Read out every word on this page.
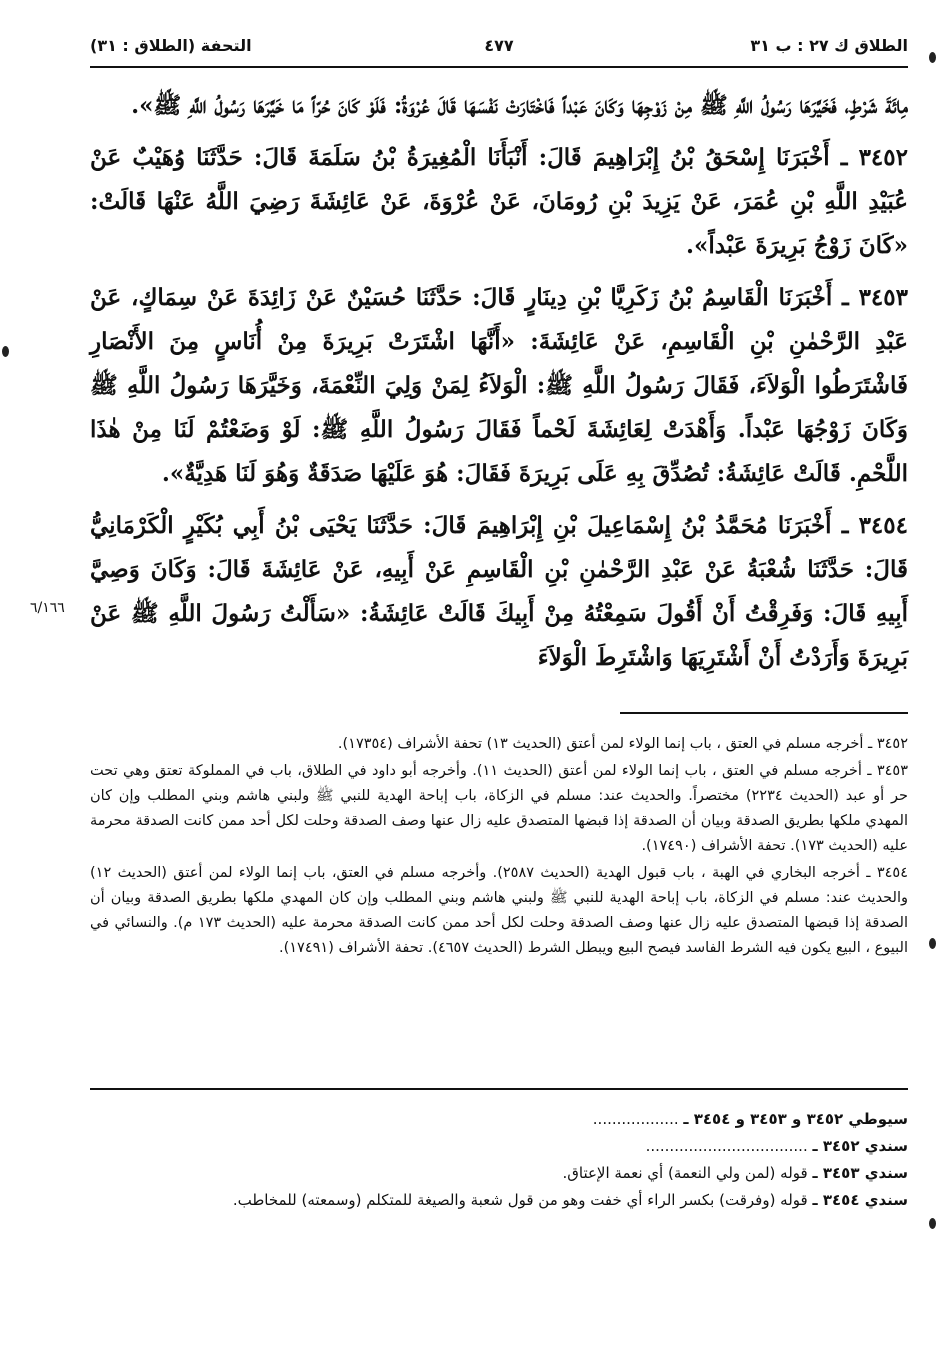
الطلاق ك ٢٧ : ب ٣١
٤٧٧
التحفة (الطلاق : ٣١)

مِائَةَ شَرْطٍ، فَخَيَّرَهَا رَسُولُ اللَّهِ ﷺ مِنْ زَوْجِهَا وَكَانَ عَبْداً فَاخْتَارَتْ نَفْسَهَا قَالَ عُرْوَةُ: فَلَوْ كَانَ حُرّاً مَا خَيَّرَهَا رَسُولُ اللَّهِ ﷺ».

٣٤٥٢ ـ أَخْبَرَنَا إِسْحَقُ بْنُ إِبْرَاهِيمَ قَالَ: أَنْبَأَنَا الْمُغِيرَةُ بْنُ سَلَمَةَ قَالَ: حَدَّثَنَا وُهَيْبٌ عَنْ عُبَيْدِ اللَّهِ بْنِ عُمَرَ، عَنْ يَزِيدَ بْنِ رُومَانَ، عَنْ عُرْوَةَ، عَنْ عَائِشَةَ رَضِيَ اللَّهُ عَنْهَا قَالَتْ: «كَانَ زَوْجُ بَرِيرَةَ عَبْداً».

٣٤٥٣ ـ أَخْبَرَنَا الْقَاسِمُ بْنُ زَكَرِيَّا بْنِ دِينَارٍ قَالَ: حَدَّثَنَا حُسَيْنٌ عَنْ زَائِدَةَ عَنْ سِمَاكٍ، عَنْ عَبْدِ الرَّحْمٰنِ بْنِ الْقَاسِمِ، عَنْ عَائِشَةَ: «أَنَّهَا اشْتَرَتْ بَرِيرَةَ مِنْ أُنَاسٍ مِنَ الأَنْصَارِ فَاشْتَرَطُوا الْوَلاَءَ، فَقَالَ رَسُولُ اللَّهِ ﷺ: الْوَلاَءُ لِمَنْ وَلِيَ النِّعْمَةَ، وَخَيَّرَهَا رَسُولُ اللَّهِ ﷺ وَكَانَ زَوْجُهَا عَبْداً. وَأَهْدَتْ لِعَائِشَةَ لَحْماً فَقَالَ رَسُولُ اللَّهِ ﷺ: لَوْ وَضَعْتُمْ لَنَا مِنْ هٰذَا اللَّحْمِ. قَالَتْ عَائِشَةُ: تُصُدِّقَ بِهِ عَلَى بَرِيرَةَ فَقَالَ: هُوَ عَلَيْهَا صَدَقَةٌ وَهُوَ لَنَا هَدِيَّةٌ».

٣٤٥٤ ـ أَخْبَرَنَا مُحَمَّدُ بْنُ إِسْمَاعِيلَ بْنِ إِبْرَاهِيمَ قَالَ: حَدَّثَنَا يَحْيَى بْنُ أَبِي بُكَيْرٍ الْكَرْمَانِيُّ قَالَ: حَدَّثَنَا شُعْبَةُ عَنْ عَبْدِ الرَّحْمٰنِ بْنِ الْقَاسِمِ عَنْ أَبِيهِ، عَنْ عَائِشَةَ قَالَ: وَكَانَ وَصِيَّ أَبِيهِ قَالَ: وَفَرِقْتُ أَنْ أَقُولَ سَمِعْتُهُ مِنْ أَبِيكَ قَالَتْ عَائِشَةُ: «سَأَلْتُ رَسُولَ اللَّهِ ﷺ عَنْ بَرِيرَةَ وَأَرَدْتُ أَنْ أَشْتَرِيَهَا وَاشْتَرِطَ الْوَلاَءَ

٦/١٦٦

٣٤٥٢ ـ أخرجه مسلم في العتق ، باب إنما الولاء لمن أعتق (الحديث ١٣) تحفة الأشراف (١٧٣٥٤).

٣٤٥٣ ـ أخرجه مسلم في العتق ، باب إنما الولاء لمن أعتق (الحديث ١١). وأخرجه أبو داود في الطلاق، باب في المملوكة تعتق وهي تحت حر أو عبد (الحديث ٢٢٣٤) مختصراً. والحديث عند: مسلم في الزكاة، باب إباحة الهدية للنبي ﷺ ولبني هاشم وبني المطلب وإن كان المهدي ملكها بطريق الصدقة وبيان أن الصدقة إذا قبضها المتصدق عليه زال عنها وصف الصدقة وحلت لكل أحد ممن كانت الصدقة محرمة عليه (الحديث ١٧٣). تحفة الأشراف (١٧٤٩٠).

٣٤٥٤ ـ أخرجه البخاري في الهبة ، باب قبول الهدية (الحديث ٢٥٨٧). وأخرجه مسلم في العتق، باب إنما الولاء لمن أعتق (الحديث ١٢) والحديث عند: مسلم في الزكاة، باب إباحة الهدية للنبي ﷺ ولبني هاشم وبني المطلب وإن كان المهدي ملكها بطريق الصدقة وبيان أن الصدقة إذا قبضها المتصدق عليه زال عنها وصف الصدقة وحلت لكل أحد ممن كانت الصدقة محرمة عليه (الحديث ١٧٣ م). والنسائي في البيوع ، البيع يكون فيه الشرط الفاسد فيصح البيع ويبطل الشرط (الحديث ٤٦٥٧). تحفة الأشراف (١٧٤٩١).

سيوطي ٣٤٥٢ و ٣٤٥٣ و ٣٤٥٤ ـ ..................

سندي ٣٤٥٢ ـ ..................................

سندي ٣٤٥٣ ـ قوله (لمن ولي النعمة) أي نعمة الإعتاق.

سندي ٣٤٥٤ ـ قوله (وفرقت) بكسر الراء أي خفت وهو من قول شعبة والصيغة للمتكلم (وسمعته) للمخاطب.
